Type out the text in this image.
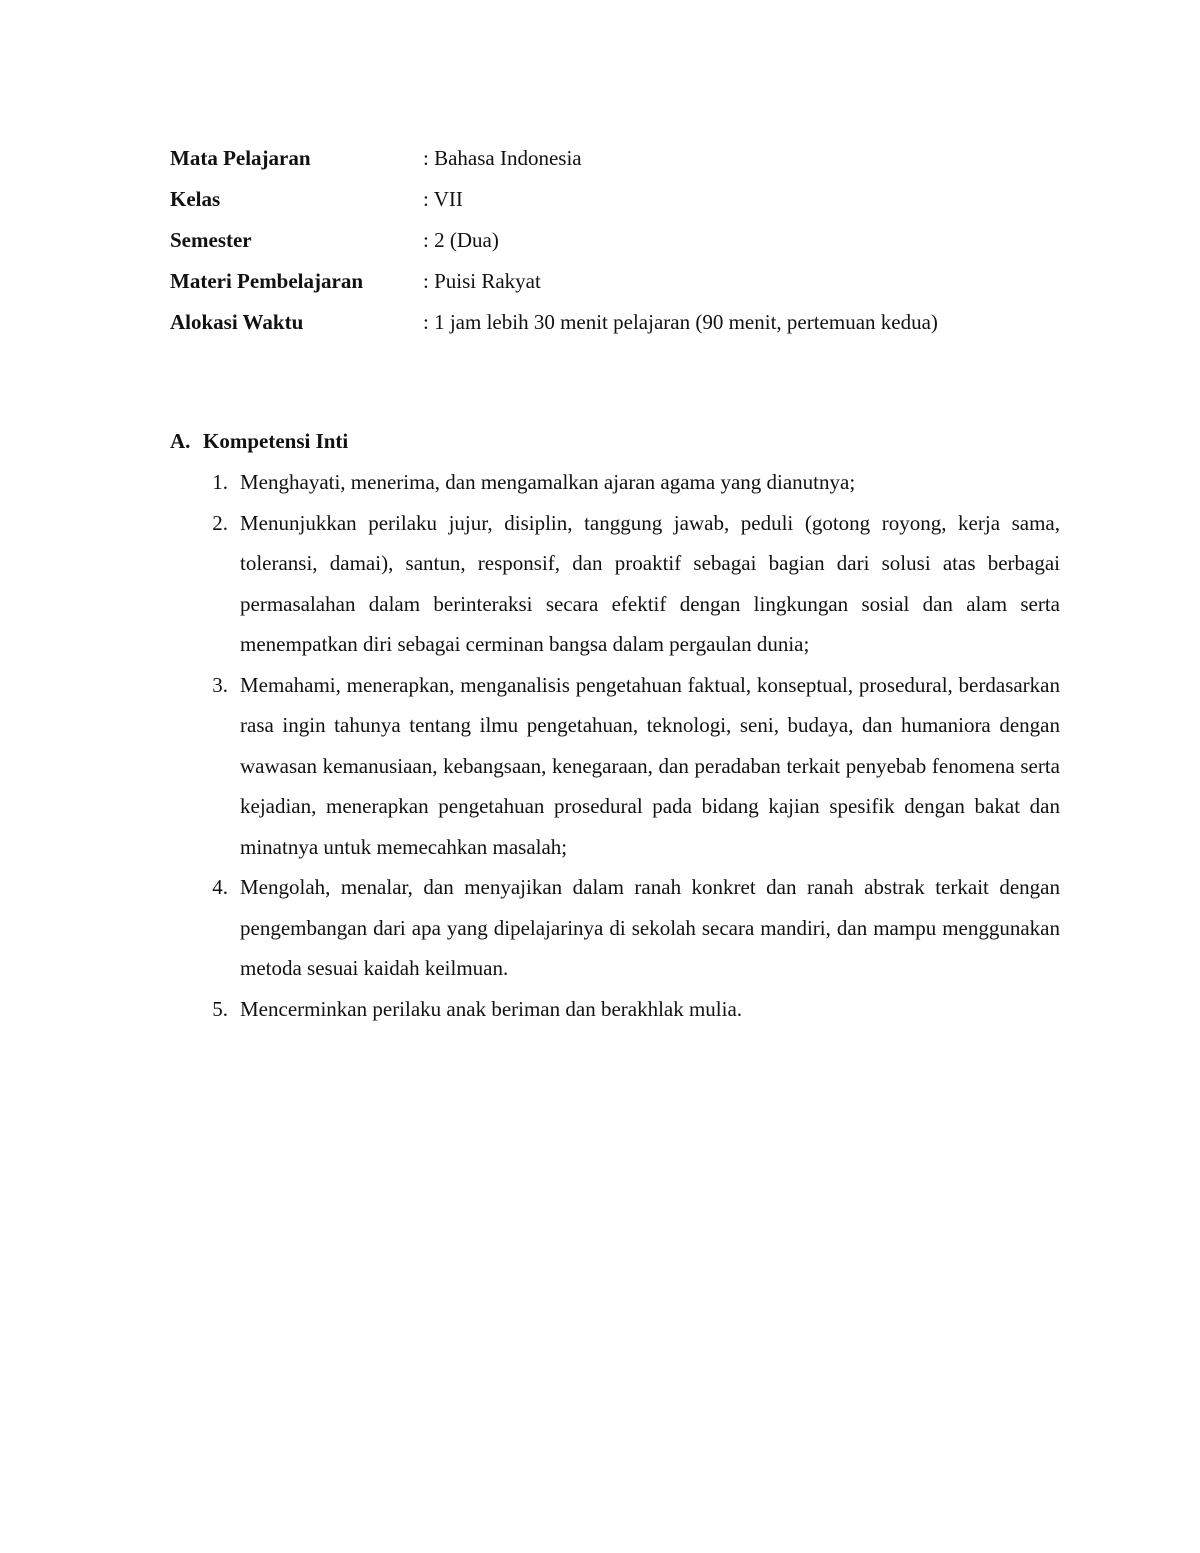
Mata Pelajaran	: Bahasa Indonesia
Kelas	: VII
Semester	: 2 (Dua)
Materi Pembelajaran	: Puisi Rakyat
Alokasi Waktu	: 1 jam lebih 30 menit pelajaran (90 menit, pertemuan kedua)
A. Kompetensi Inti
1. Menghayati, menerima, dan mengamalkan ajaran agama yang dianutnya;
2. Menunjukkan perilaku jujur, disiplin, tanggung jawab, peduli (gotong royong, kerja sama, toleransi, damai), santun, responsif, dan proaktif sebagai bagian dari solusi atas berbagai permasalahan dalam berinteraksi secara efektif dengan lingkungan sosial dan alam serta menempatkan diri sebagai cerminan bangsa dalam pergaulan dunia;
3. Memahami, menerapkan, menganalisis pengetahuan faktual, konseptual, prosedural, berdasarkan rasa ingin tahunya tentang ilmu pengetahuan, teknologi, seni, budaya, dan humaniora dengan wawasan kemanusiaan, kebangsaan, kenegaraan, dan peradaban terkait penyebab fenomena serta kejadian, menerapkan pengetahuan prosedural pada bidang kajian spesifik dengan bakat dan minatnya untuk memecahkan masalah;
4. Mengolah, menalar, dan menyajikan dalam ranah konkret dan ranah abstrak terkait dengan pengembangan dari apa yang dipelajarinya di sekolah secara mandiri, dan mampu menggunakan metoda sesuai kaidah keilmuan.
5. Mencerminkan perilaku anak beriman dan berakhlak mulia.
